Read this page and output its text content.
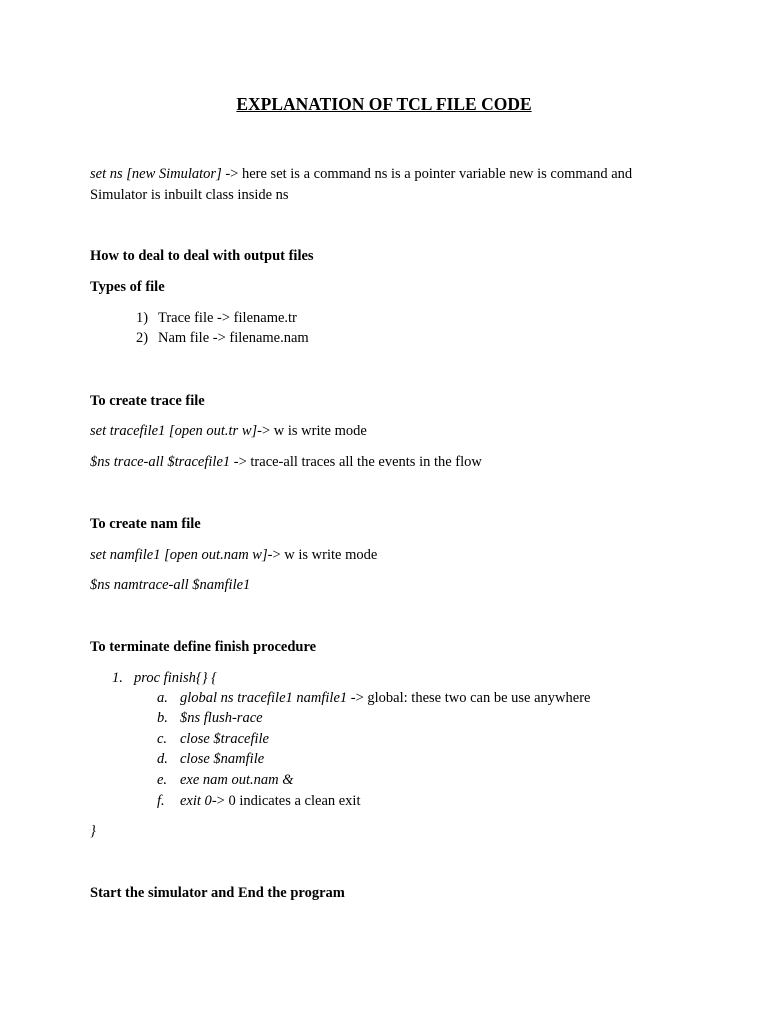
EXPLANATION OF TCL FILE CODE
set ns [new Simulator] -> here set is a command ns is a pointer variable new is command and
Simulator is inbuilt class inside ns
How to deal to deal with output files
Types of file
1) Trace file -> filename.tr
2) Nam file -> filename.nam
To create trace file
set tracefile1 [open out.tr w]-> w is write mode
$ns trace-all $tracefile1 -> trace-all traces all the events in the flow
To create nam file
set namfile1 [open out.nam w]-> w is write mode
$ns namtrace-all $namfile1
To terminate define finish procedure
1. proc finish{} {
a. global ns tracefile1 namfile1 -> global: these two can be use anywhere
b. $ns flush-race
c. close $tracefile
d. close $namfile
e. exe nam out.nam &
f. exit 0-> 0 indicates a clean exit
}
Start the simulator and End the program
